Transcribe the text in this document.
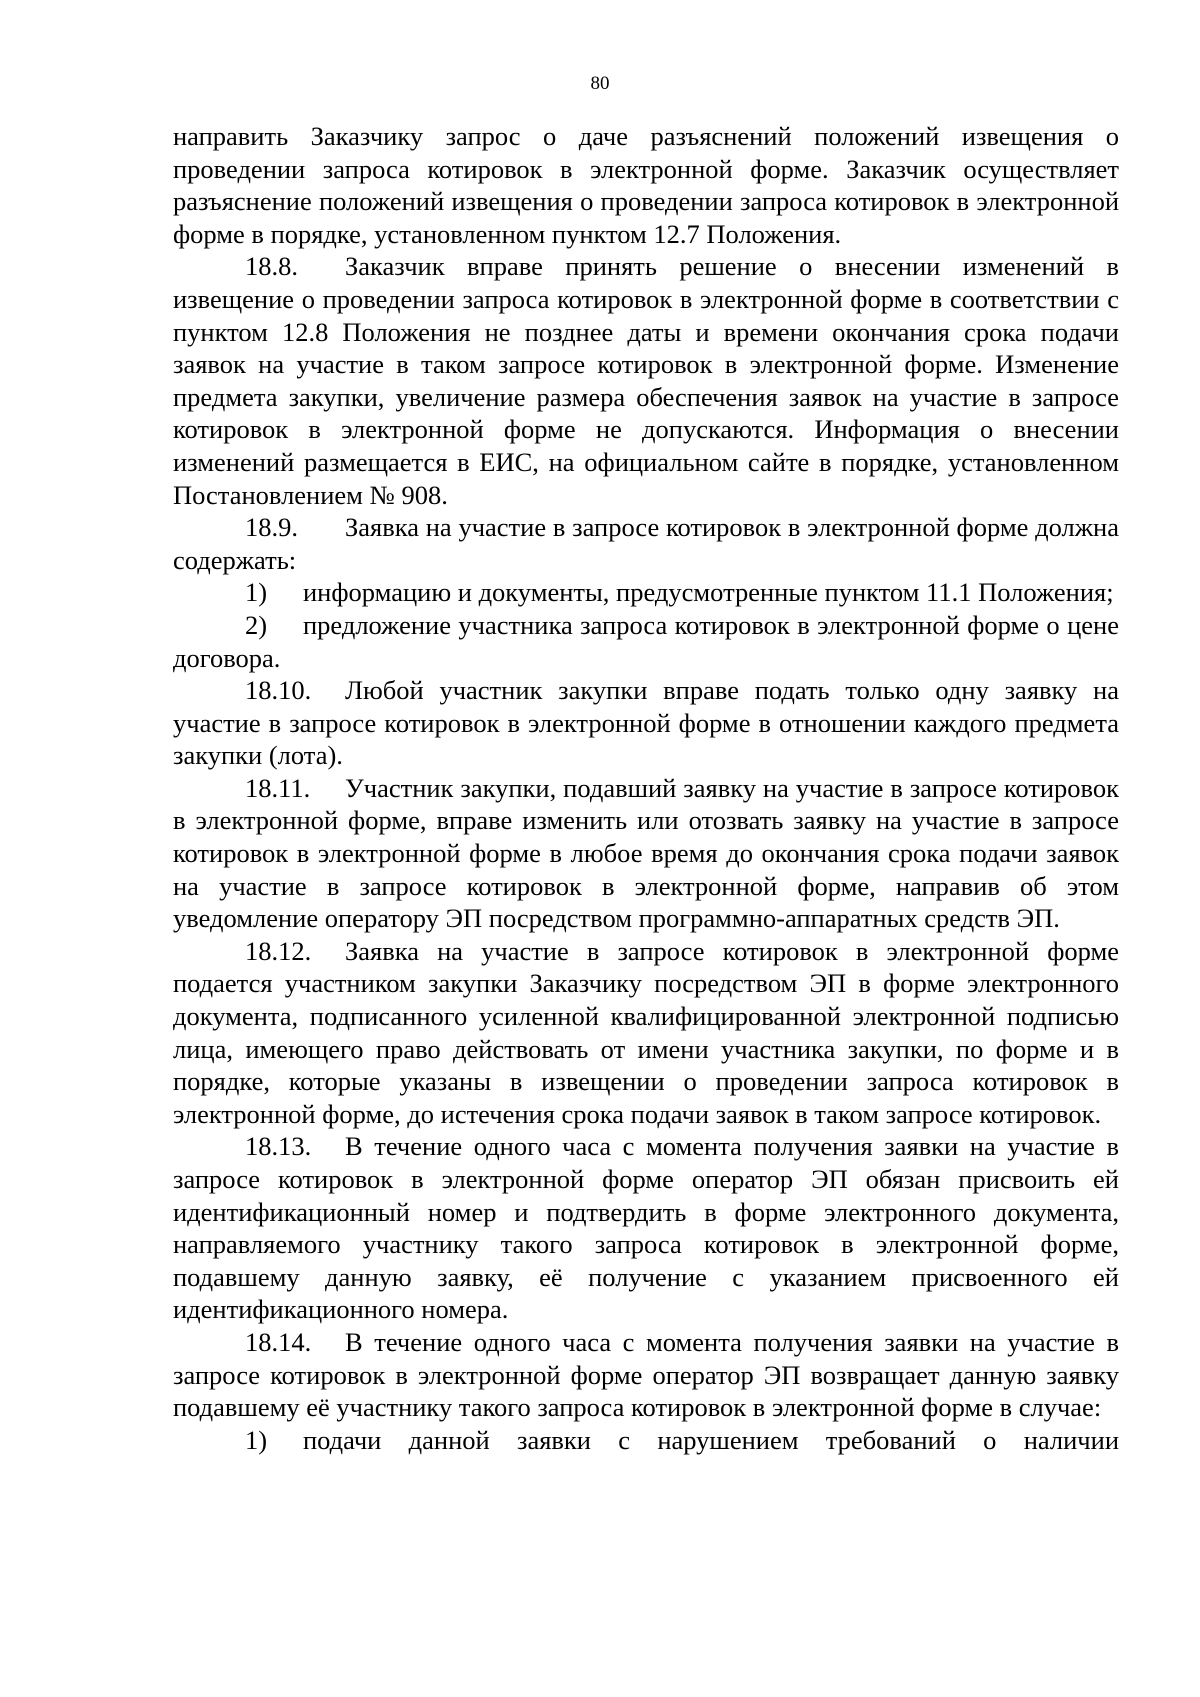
80

направить Заказчику запрос о даче разъяснений положений извещения о проведении запроса котировок в электронной форме. Заказчик осуществляет разъяснение положений извещения о проведении запроса котировок в электронной форме в порядке, установленном пунктом 12.7 Положения.

18.8. Заказчик вправе принять решение о внесении изменений в извещение о проведении запроса котировок в электронной форме в соответствии с пунктом 12.8 Положения не позднее даты и времени окончания срока подачи заявок на участие в таком запросе котировок в электронной форме. Изменение предмета закупки, увеличение размера обеспечения заявок на участие в запросе котировок в электронной форме не допускаются. Информация о внесении изменений размещается в ЕИС, на официальном сайте в порядке, установленном Постановлением № 908.

18.9. Заявка на участие в запросе котировок в электронной форме должна содержать:

1) информацию и документы, предусмотренные пунктом 11.1 Положения;

2) предложение участника запроса котировок в электронной форме о цене договора.

18.10. Любой участник закупки вправе подать только одну заявку на участие в запросе котировок в электронной форме в отношении каждого предмета закупки (лота).

18.11. Участник закупки, подавший заявку на участие в запросе котировок в электронной форме, вправе изменить или отозвать заявку на участие в запросе котировок в электронной форме в любое время до окончания срока подачи заявок на участие в запросе котировок в электронной форме, направив об этом уведомление оператору ЭП посредством программно-аппаратных средств ЭП.

18.12. Заявка на участие в запросе котировок в электронной форме подается участником закупки Заказчику посредством ЭП в форме электронного документа, подписанного усиленной квалифицированной электронной подписью лица, имеющего право действовать от имени участника закупки, по форме и в порядке, которые указаны в извещении о проведении запроса котировок в электронной форме, до истечения срока подачи заявок в таком запросе котировок.

18.13. В течение одного часа с момента получения заявки на участие в запросе котировок в электронной форме оператор ЭП обязан присвоить ей идентификационный номер и подтвердить в форме электронного документа, направляемого участнику такого запроса котировок в электронной форме, подавшему данную заявку, её получение с указанием присвоенного ей идентификационного номера.

18.14. В течение одного часа с момента получения заявки на участие в запросе котировок в электронной форме оператор ЭП возвращает данную заявку подавшему её участнику такого запроса котировок в электронной форме в случае:

1) подачи данной заявки с нарушением требований о наличии
